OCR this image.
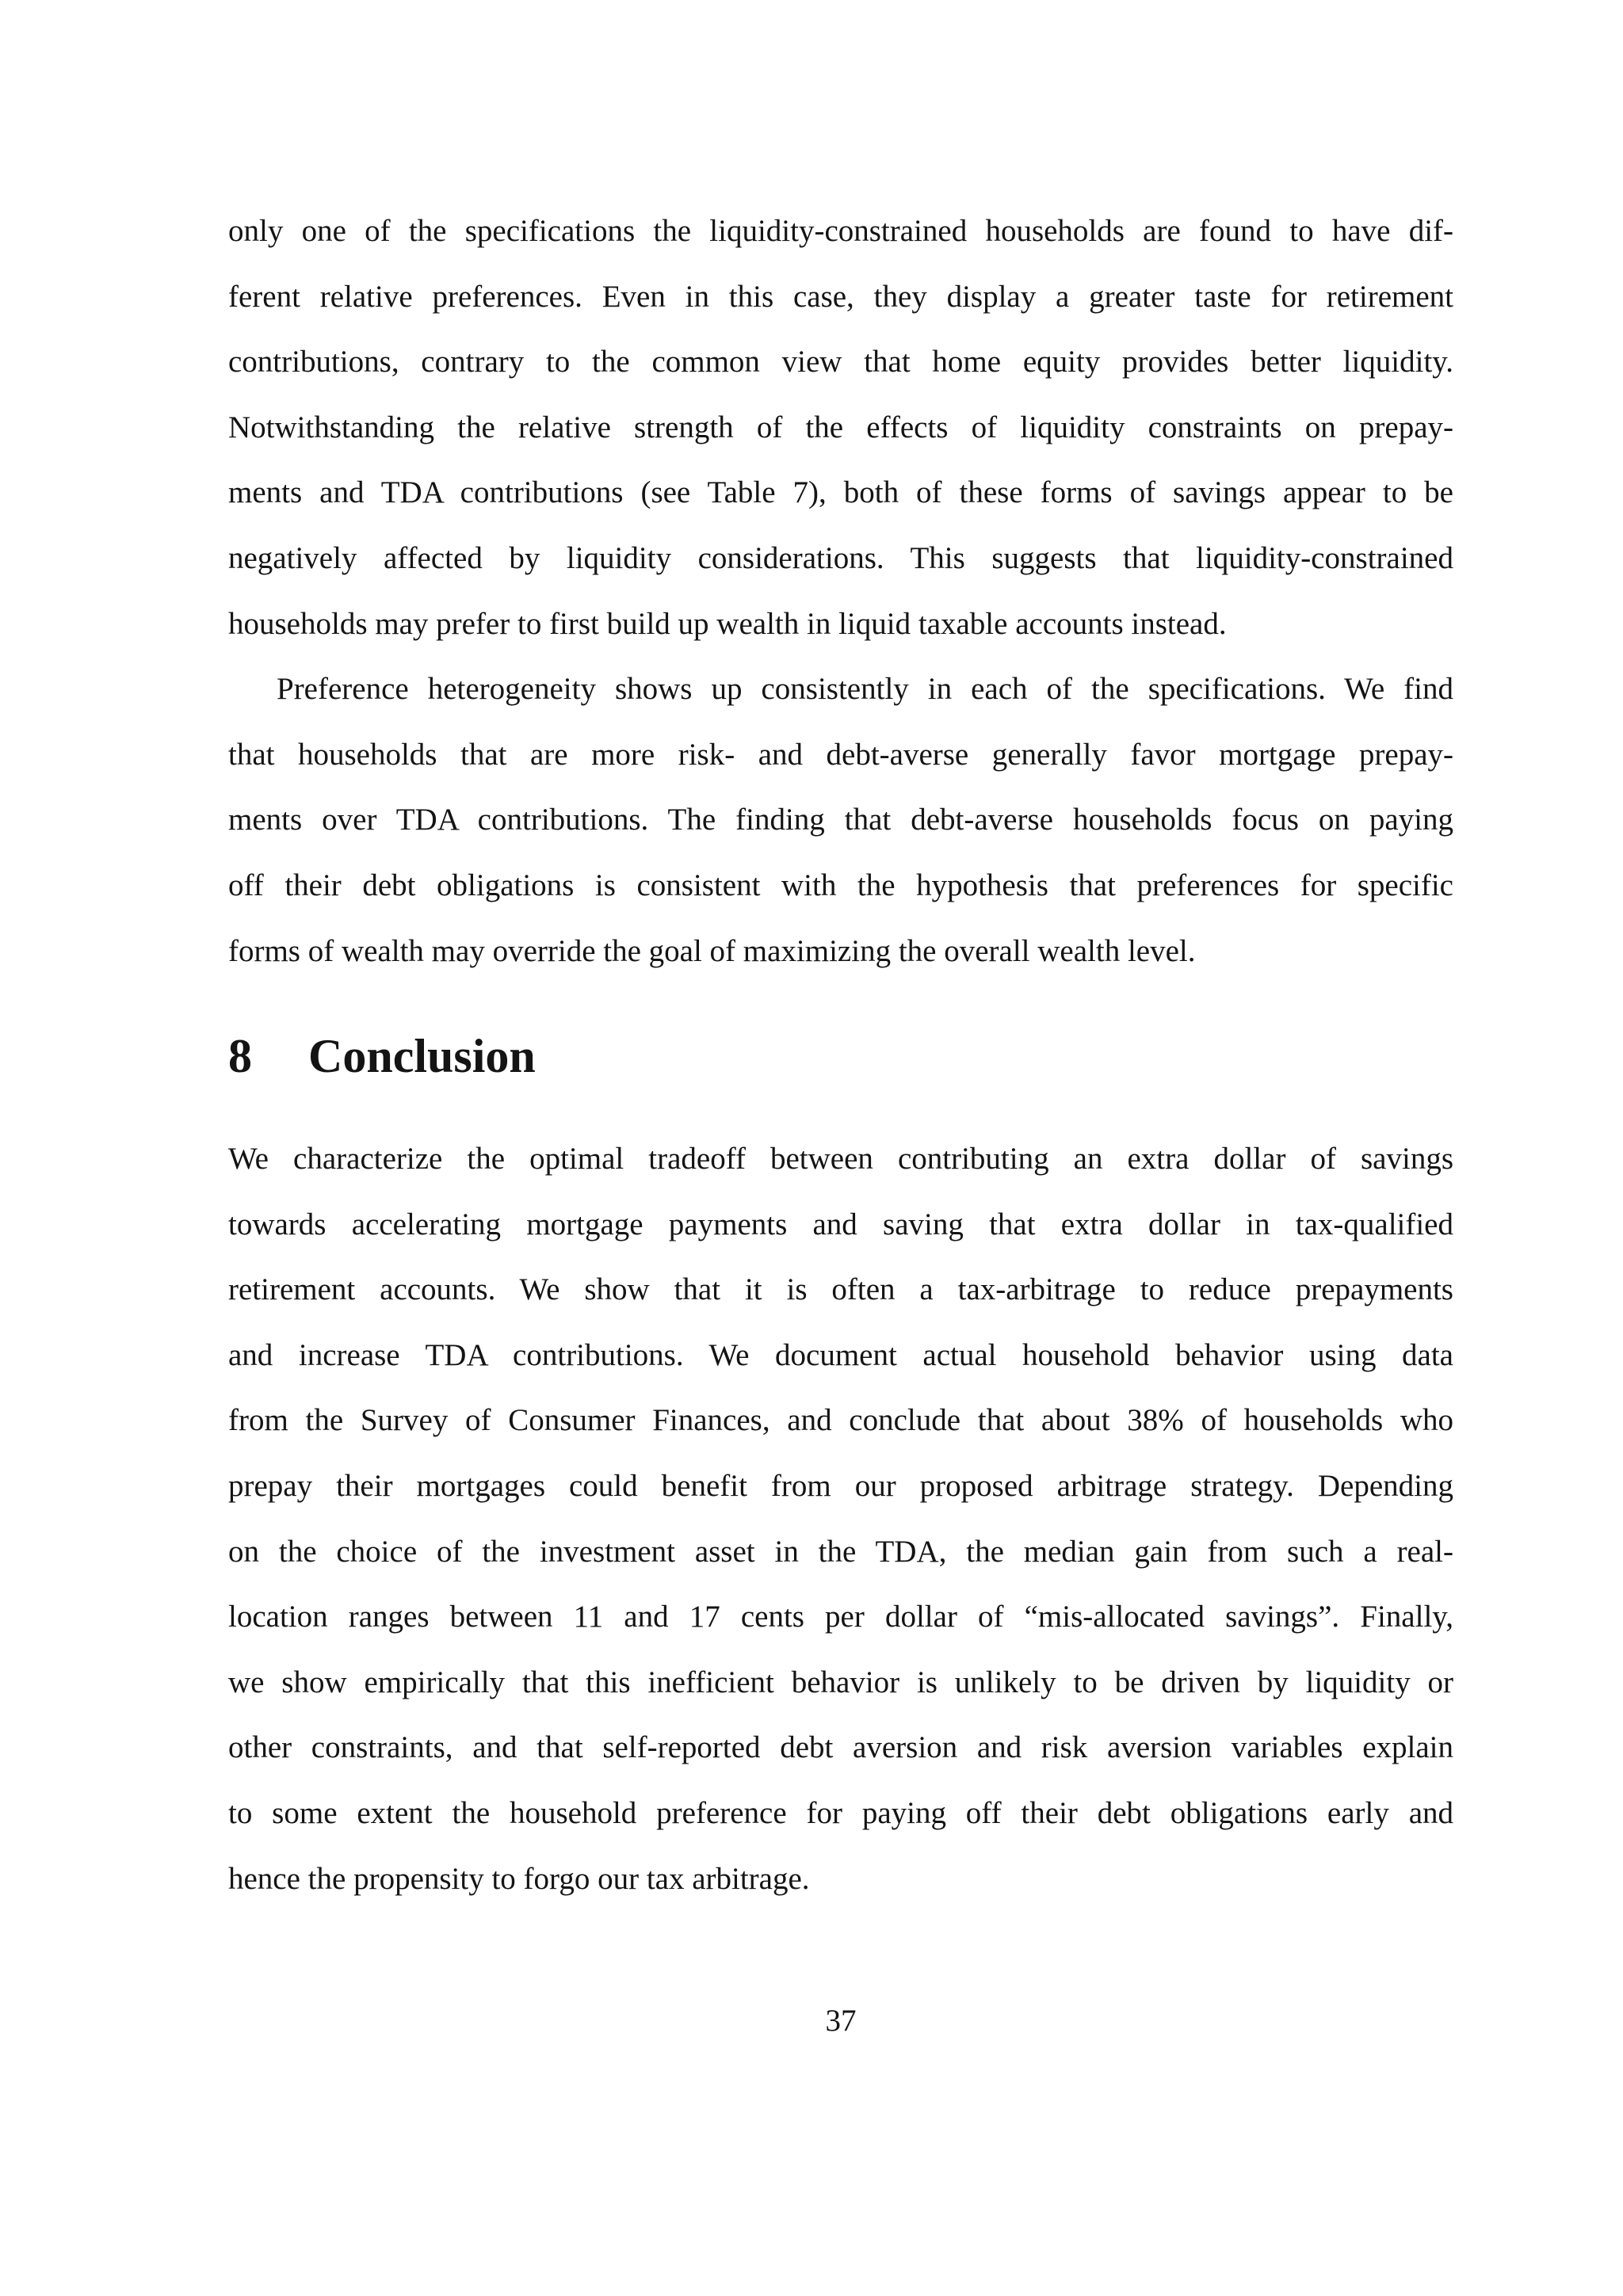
only one of the specifications the liquidity-constrained households are found to have dif-
ferent relative preferences. Even in this case, they display a greater taste for retirement
contributions, contrary to the common view that home equity provides better liquidity.
Notwithstanding the relative strength of the effects of liquidity constraints on prepay-
ments and TDA contributions (see Table 7), both of these forms of savings appear to be
negatively affected by liquidity considerations. This suggests that liquidity-constrained
households may prefer to first build up wealth in liquid taxable accounts instead.
Preference heterogeneity shows up consistently in each of the specifications. We find
that households that are more risk- and debt-averse generally favor mortgage prepay-
ments over TDA contributions. The finding that debt-averse households focus on paying
off their debt obligations is consistent with the hypothesis that preferences for specific
forms of wealth may override the goal of maximizing the overall wealth level.
8 Conclusion
We characterize the optimal tradeoff between contributing an extra dollar of savings
towards accelerating mortgage payments and saving that extra dollar in tax-qualified
retirement accounts. We show that it is often a tax-arbitrage to reduce prepayments
and increase TDA contributions. We document actual household behavior using data
from the Survey of Consumer Finances, and conclude that about 38% of households who
prepay their mortgages could benefit from our proposed arbitrage strategy. Depending
on the choice of the investment asset in the TDA, the median gain from such a real-
location ranges between 11 and 17 cents per dollar of “mis-allocated savings”. Finally,
we show empirically that this inefficient behavior is unlikely to be driven by liquidity or
other constraints, and that self-reported debt aversion and risk aversion variables explain
to some extent the household preference for paying off their debt obligations early and
hence the propensity to forgo our tax arbitrage.
37
